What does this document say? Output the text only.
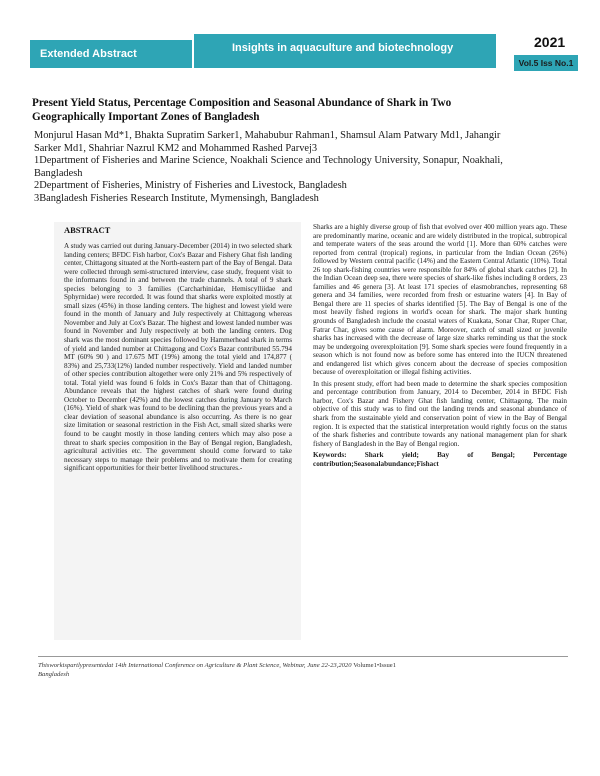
Extended Abstract	Insights in aquaculture and biotechnology	2021
Vol.5 Iss No.1
Present Yield Status, Percentage Composition and Seasonal Abundance of Shark in Two Geographically Important Zones of Bangladesh
Monjurul Hasan Md*1, Bhakta Supratim Sarker1, Mahabubur Rahman1, Shamsul Alam Patwary Md1, Jahangir
Sarker Md1, Shahriar Nazrul KM2 and Mohammed Rashed Parvej3
1Department of Fisheries and Marine Science, Noakhali Science and Technology University, Sonapur, Noakhali,
Bangladesh
2Department of Fisheries, Ministry of Fisheries and Livestock, Bangladesh
3Bangladesh Fisheries Research Institute, Mymensingh, Bangladesh
ABSTRACT
A study was carried out during January-December (2014) in two selected shark landing centers; BFDC Fish harbor, Cox's Bazar and Fishery Ghat fish landing center, Chittagong situated at the North-eastern part of the Bay of Bengal. Data were collected through semi-structured interview, case study, frequent visit to the informants found in and between the trade channels. A total of 9 shark species belonging to 3 families (Carcharhinidae, Hemiscylliidae and Sphyrnidae) were recorded. It was found that sharks were exploited mostly at small sizes (45%) in those landing centers. The highest and lowest yield were found in the month of January and July respectively at Chittagong whereas November and July at Cox's Bazar. The highest and lowest landed number was found in November and July respectively at both the landing centers. Dog shark was the most dominant species followed by Hammerhead shark in terms of yield and landed number at Chittagong and Cox's Bazar contributed 55.794 MT (60% 90 ) and 17.675 MT (19%) among the total yield and 174,877 ( 83%) and 25,733(12%) landed number respectively. Yield and landed number of other species contribution altogether were only 21% and 5% respectively of total. Total yield was found 6 folds in Cox's Bazar than that of Chittagong. Abundance reveals that the highest catches of shark were found during October to December (42%) and the lowest catches during January to March (16%). Yield of shark was found to be declining than the previous years and a clear deviation of seasonal abundance is also occurring. As there is no gear size limitation or seasonal restriction in the Fish Act, small sized sharks were found to be caught mostly in those landing centers which may also pose a threat to shark species composition in the Bay of Bengal region, Bangladesh, agricultural activities etc. The government should come forward to take necessary steps to manage their problems and to motivate them for creating significant opportunities for their better livelihood structures.-

Sharks are a highly diverse group of fish that evolved over 400 million years ago. These are predominantly marine, oceanic and are widely distributed in the tropical, subtropical and temperate waters of the seas around the world [1]. More than 60% catches were reported from central (tropical) regions, in particular from the Indian Ocean (26%) followed by Western central pacific (14%) and the Eastern Central Atlantic (10%). Total 26 top shark-fishing countries were responsible for 84% of global shark catches [2]. In the Indian Ocean deep sea, there were species of shark-like fishes including 8 orders, 23 families and 46 genera [3]. At least 171 species of elasmobranches, representing 68 genera and 34 families, were recorded from fresh or estuarine waters [4]. In Bay of Bengal there are 11 species of sharks identified [5]. The Bay of Bengal is one of the most heavily fished regions in world's ocean for shark. The major shark hunting grounds of Bangladesh include the coastal waters of Kuakata, Sonar Char, Ruper Char, Fatrar Char, gives some cause of alarm. Moreover, catch of small sized or juvenile sharks has increased with the decrease of large size sharks reminding us that the stock may be undergoing overexploitation [9]. Some shark species were found frequently in a season which is not found now as before some has entered into the IUCN threatened and endangered list which gives concern about the decrease of species composition because of overexploitation or illegal fishing activities.

In this present study, effort had been made to determine the shark species composition and percentage contribution from January, 2014 to December, 2014 in BFDC Fish harbor, Cox's Bazar and Fishery Ghat fish landing center, Chittagong. The main objective of this study was to find out the landing trends and seasonal abundance of shark from the sustainable yield and conservation point of view in the Bay of Bengal region. It is expected that the statistical interpretation would rightly focus on the status of the shark fisheries and contribute towards any national management plan for shark fishery of Bangladesh in the Bay of Bengal region.

Keywords: Shark yield; Bay of Bengal; Percentage contribution;Seasonalabundance;Fishact

Thisworkispartlypresentedat 14th International Conference on Agriculture & Plant Science, Webinar, June 22-23,2020 Volume1•Issue1
Bangladesh
